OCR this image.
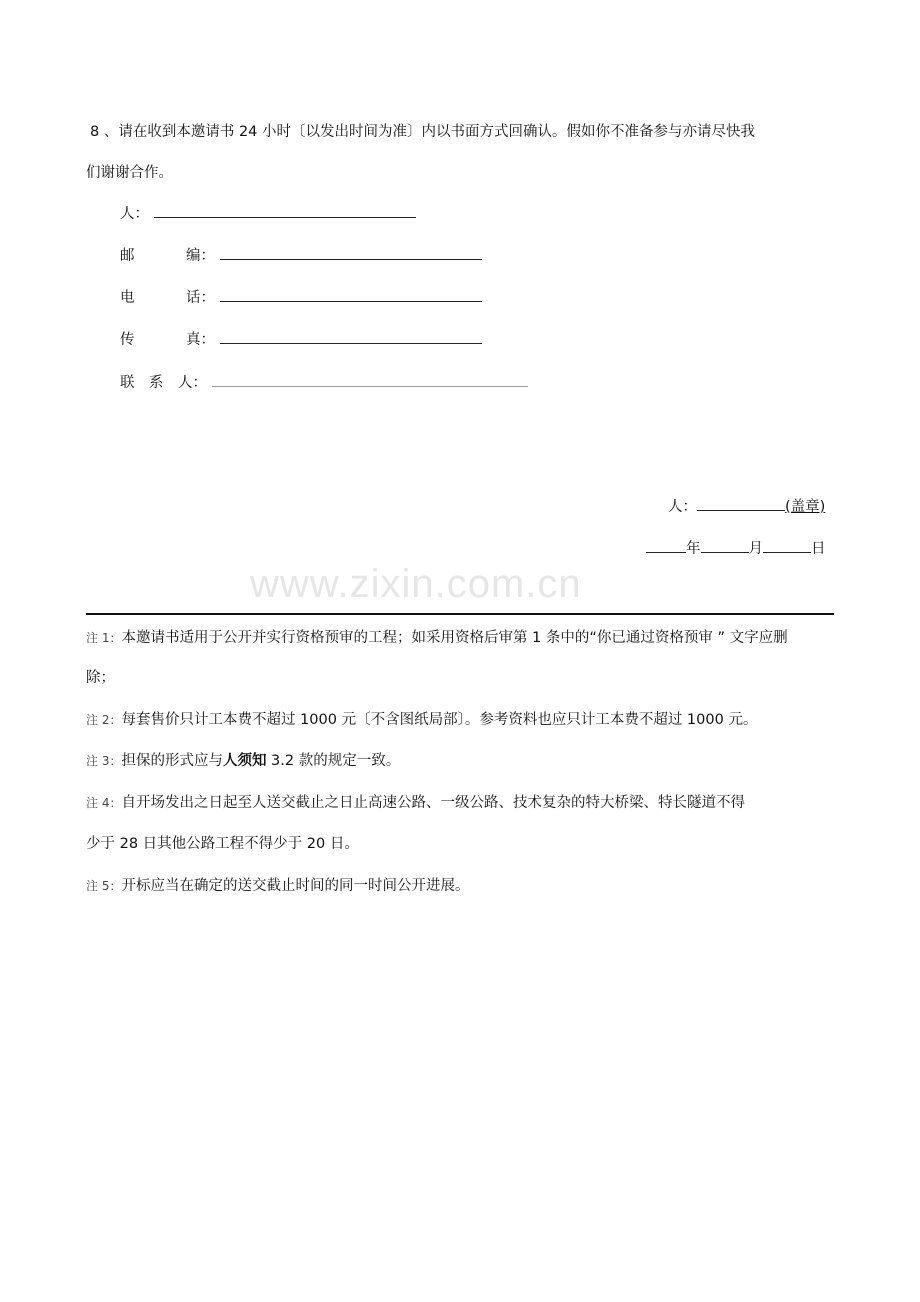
8 、请在收到本邀请书 24 小时〔以发出时间为准〕内以书面方式回确认。假如你不准备参与亦请尽快我
们谢谢合作。
人：
邮	编：
电	话：
传	真：
联　系　人：
人：	(盖章)
年	月	日
www.zixin.com.cn
注 1：本邀请书适用于公开并实行资格预审的工程；如采用资格后审第 1 条中的“你已通过资格预审 ” 文字应删
除；
注 2：每套售价只计工本费不超过 1000 元〔不含图纸局部〕。参考资料也应只计工本费不超过 1000 元。
注 3：担保的形式应与人须知 3.2 款的规定一致。
注 4：自开场发出之日起至人送交截止之日止高速公路、一级公路、技术复杂的特大桥梁、特长隧道不得
少于 28 日其他公路工程不得少于 20 日。
注 5：开标应当在确定的送交截止时间的同一时间公开进展。
